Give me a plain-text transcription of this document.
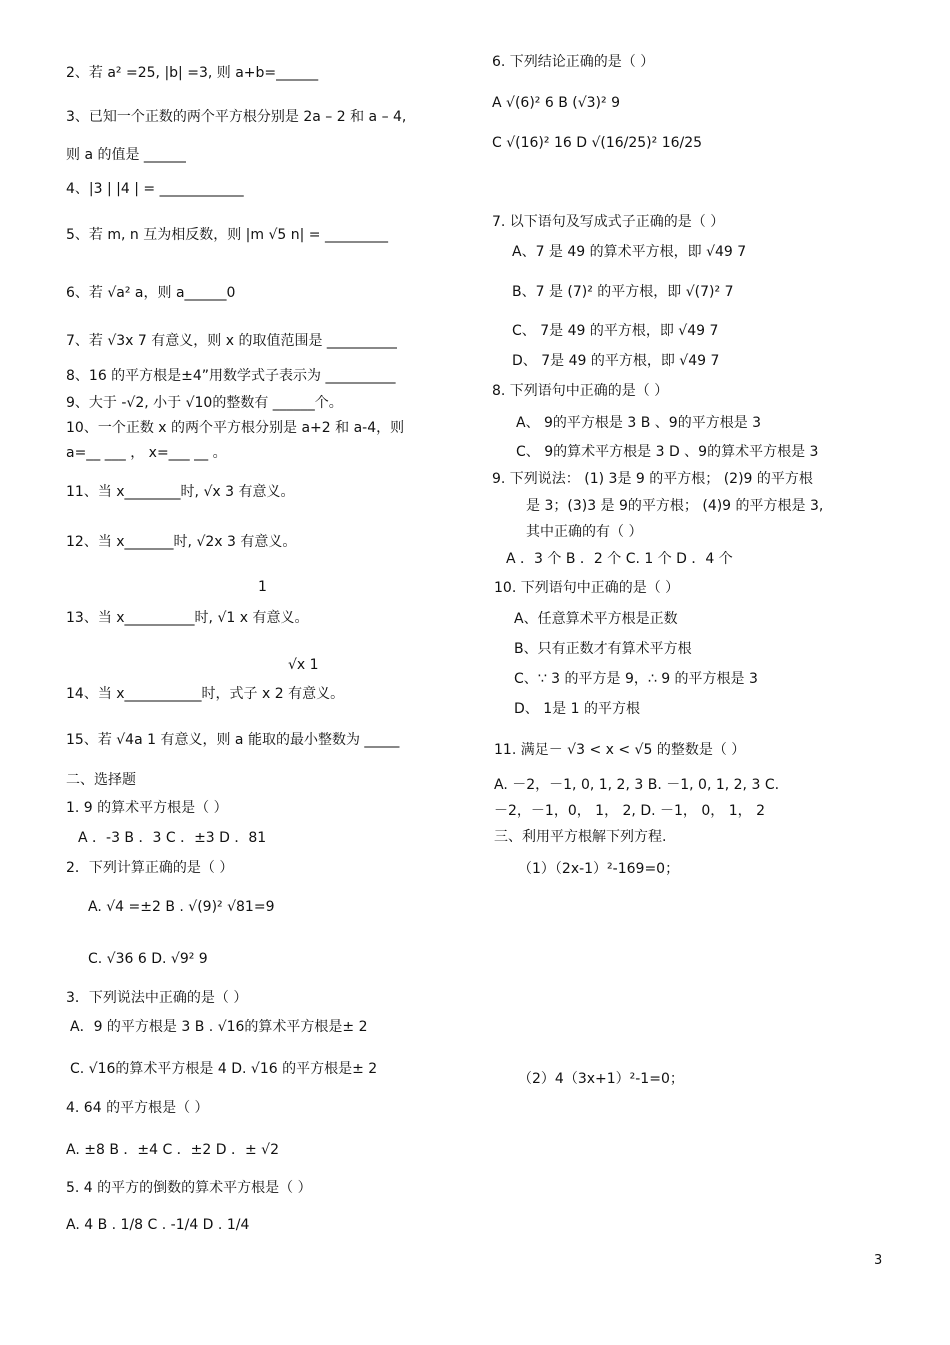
2、若 a² =25, |b| =3, 则 a+b=______
3、已知一个正数的两个平方根分别是 2a – 2 和 a – 4,
则 a 的值是 ______
4、|3 | |4 | = ____________
5、若 m, n 互为相反数，则 |m √5 n| = _________
6、若 √a² a，则 a______0
7、若 √3x 7 有意义，则 x 的取值范围是 __________
8、16 的平方根是±4”用数学式子表示为 __________
9、大于 -√2, 小于 √10的整数有 ______个。
10、一个正数 x 的两个平方根分别是 a+2 和 a-4，则
a=__ ___ ， x=___ __ 。
11、当 x________时, √x 3 有意义。
12、当 x_______时, √2x 3 有意义。
1
13、当 x__________时, √1 x 有意义。
√x 1
14、当 x___________时，式子 x 2 有意义。
15、若 √4a 1 有意义，则 a 能取的最小整数为 _____
二、选择题
1. 9 的算术平方根是（ ）
A ．-3 B ．3 C ．±3 D ．81
2．下列计算正确的是（ ）
A. √4 =±2 B . √(9)² √81=9
C. √36 6 D. √9² 9
3．下列说法中正确的是（ ）
A．9 的平方根是 3 B . √16的算术平方根是± 2
C. √16的算术平方根是 4 D. √16 的平方根是± 2
4. 64 的平方根是（ ）
A. ±8 B ．±4 C ．±2 D ．± √2
5. 4 的平方的倒数的算术平方根是（ ）
A. 4 B . 1/8 C . -1/4 D . 1/4
6. 下列结论正确的是（ ）
A √(6)² 6 B (√3)² 9
C √(16)² 16 D √(16/25)² 16/25
7. 以下语句及写成式子正确的是（ ）
A、7 是 49 的算术平方根，即 √49 7
B、7 是 (7)² 的平方根，即 √(7)² 7
C、 7是 49 的平方根，即 √49 7
D、 7是 49 的平方根，即 √49 7
8. 下列语句中正确的是（ ）
A、 9的平方根是 3 B 、9的平方根是 3
C、 9的算术平方根是 3 D 、9的算术平方根是 3
9. 下列说法： (1) 3是 9 的平方根； (2)9 的平方根
是 3；(3)3 是 9的平方根； (4)9 的平方根是 3,
其中正确的有（ ）
A ．3 个 B ．2 个 C. 1 个 D ．4 个
10. 下列语句中正确的是（ ）
A、任意算术平方根是正数
B、只有正数才有算术平方根
C、∵ 3 的平方是 9，∴ 9 的平方根是 3
D、 1是 1 的平方根
11. 满足－ √3 < x < √5 的整数是（ ）
A. －2，－1, 0, 1, 2, 3 B. －1, 0, 1, 2, 3 C.
－2，－1，0， 1， 2, D. －1， 0， 1， 2
三、利用平方根解下列方程.
（1）（2x-1）²-169=0；
（2）4（3x+1）²-1=0；
3
